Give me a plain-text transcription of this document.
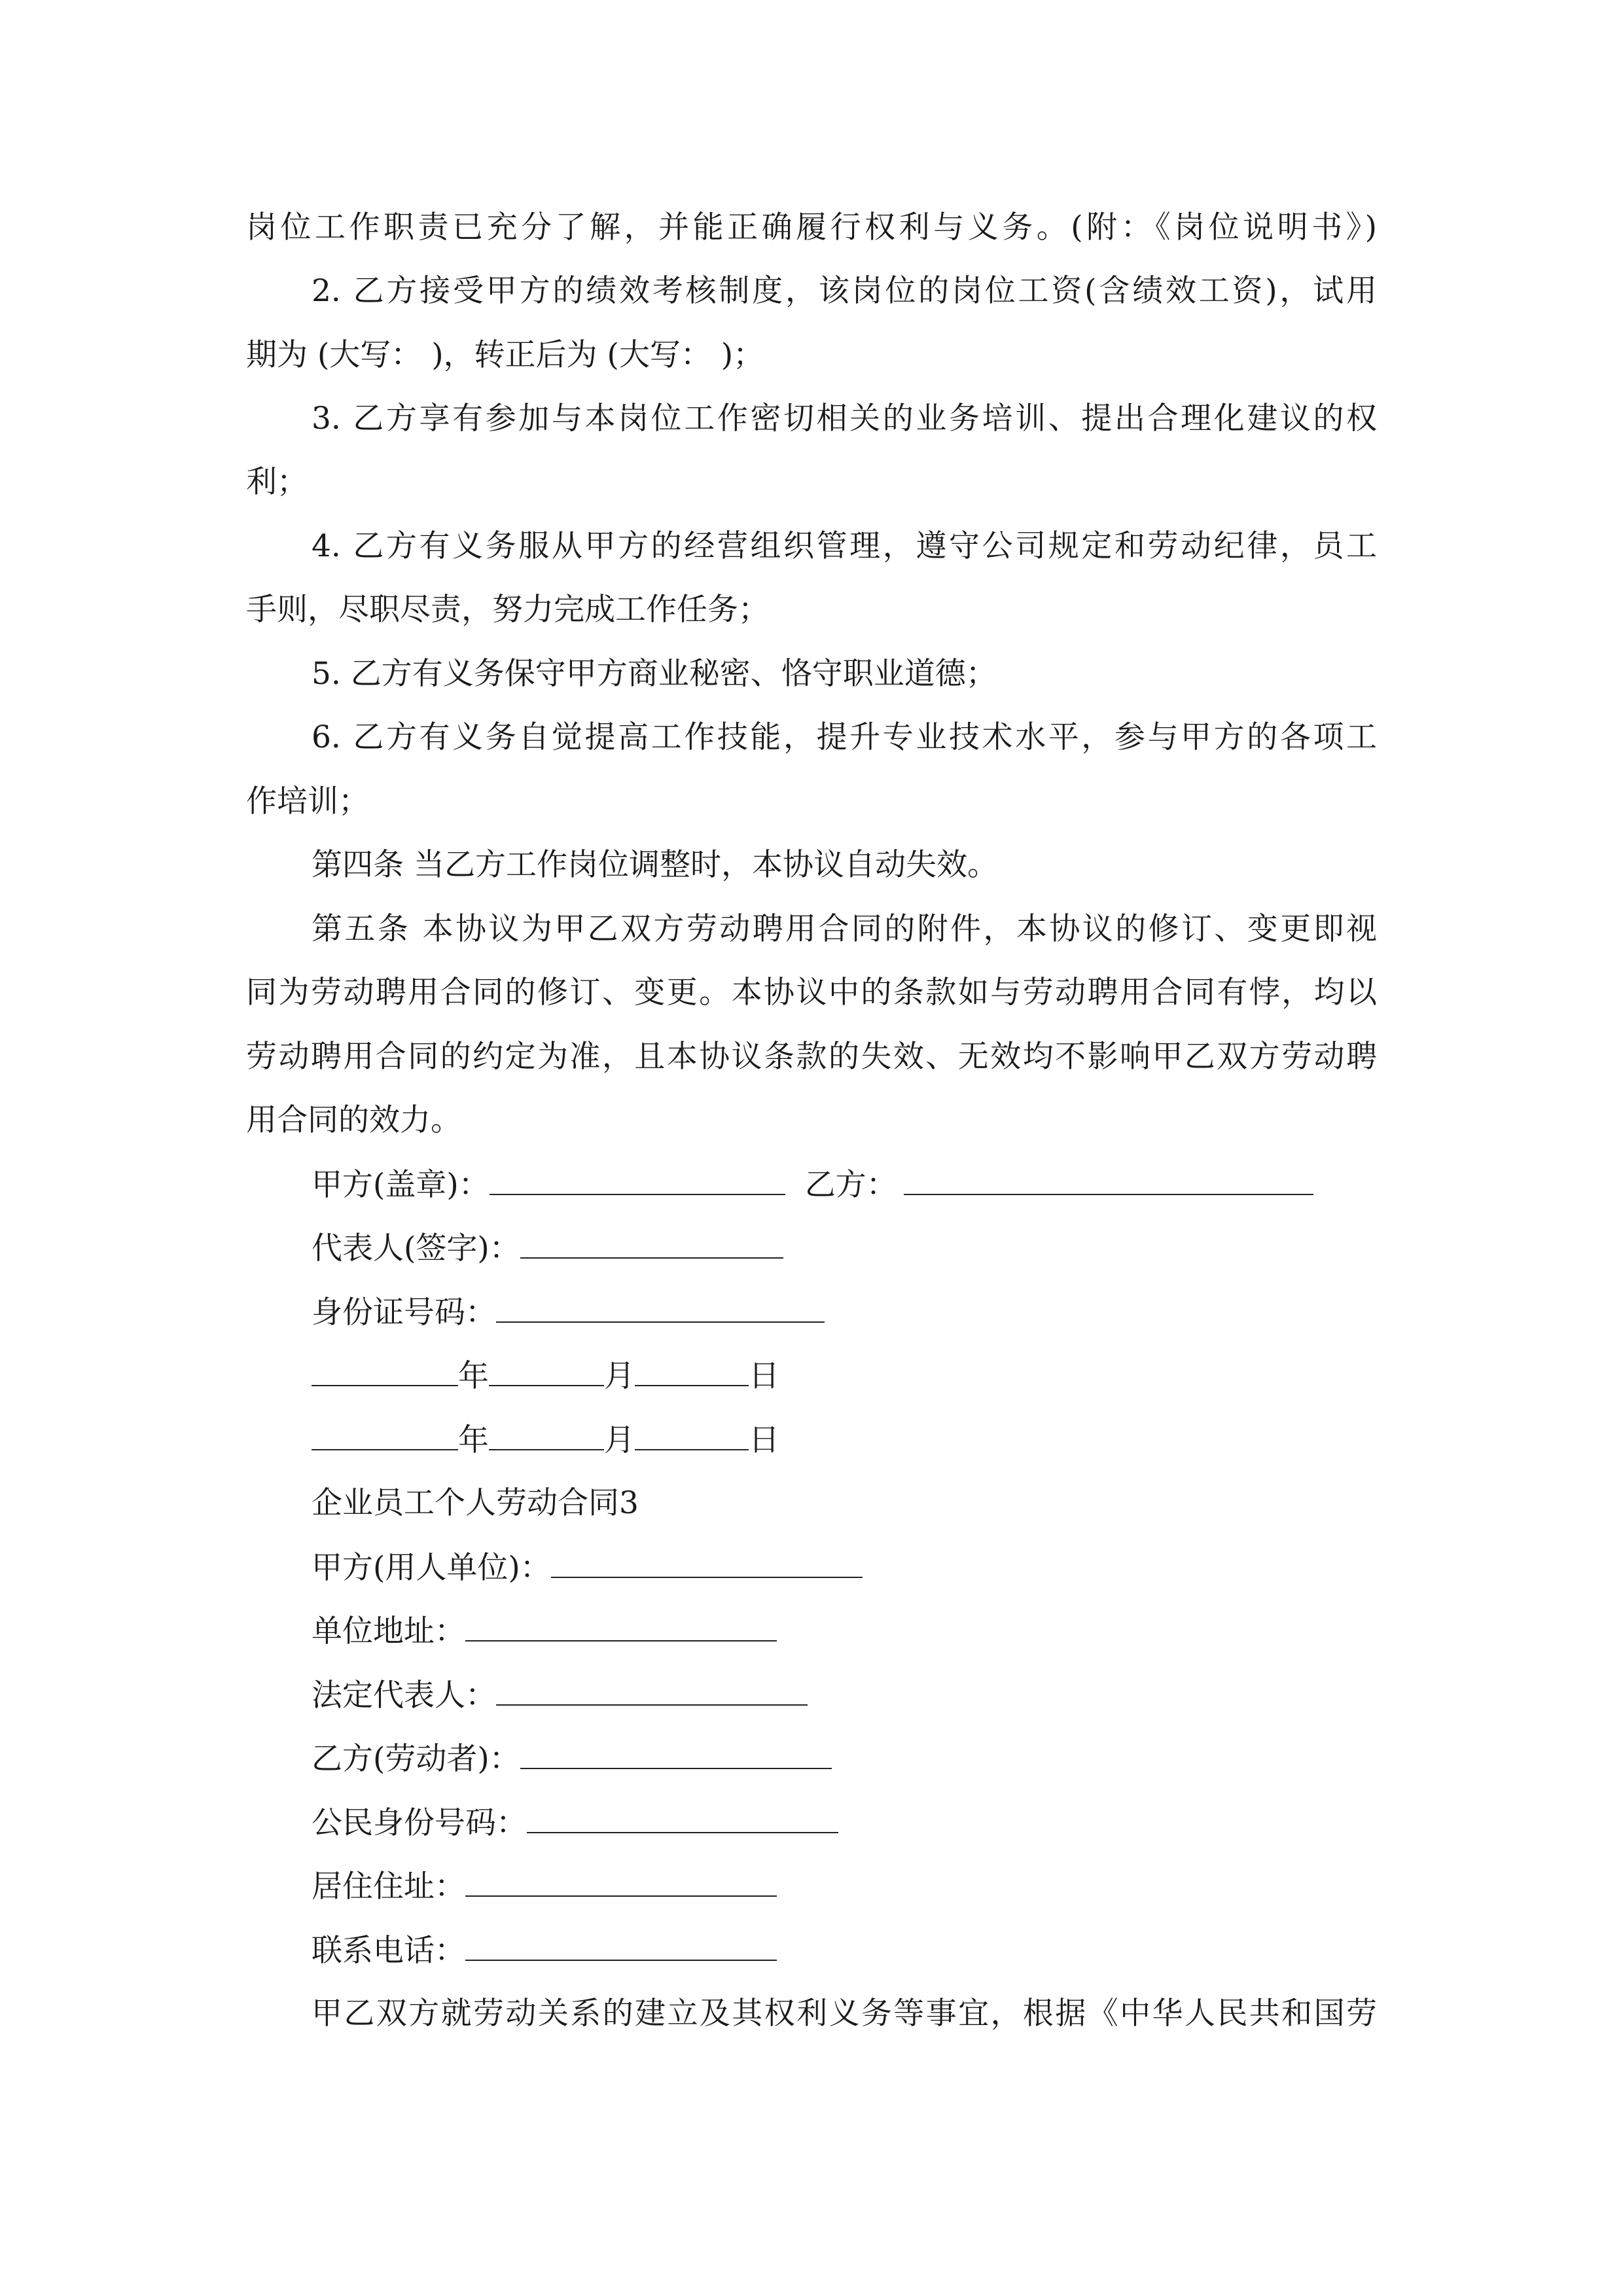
岗位工作职责已充分了解，并能正确履行权利与义务。(附：《岗位说明书》)
2. 乙方接受甲方的绩效考核制度，该岗位的岗位工资(含绩效工资)，试用
期为 (大写： )，转正后为 (大写： )；
3. 乙方享有参加与本岗位工作密切相关的业务培训、提出合理化建议的权
利；
4. 乙方有义务服从甲方的经营组织管理，遵守公司规定和劳动纪律，员工
手则，尽职尽责，努力完成工作任务；
5. 乙方有义务保守甲方商业秘密、恪守职业道德；
6. 乙方有义务自觉提高工作技能，提升专业技术水平，参与甲方的各项工
作培训；
第四条 当乙方工作岗位调整时，本协议自动失效。
第五条 本协议为甲乙双方劳动聘用合同的附件，本协议的修订、变更即视
同为劳动聘用合同的修订、变更。本协议中的条款如与劳动聘用合同有悖，均以
劳动聘用合同的约定为准，且本协议条款的失效、无效均不影响甲乙双方劳动聘
用合同的效力。
甲方(盖章)：	乙方：
代表人(签字)：
身份证号码：
年	月	日
年	月	日
企业员工个人劳动合同3
甲方(用人单位)：
单位地址：
法定代表人：
乙方(劳动者)：
公民身份号码：
居住住址：
联系电话：
甲乙双方就劳动关系的建立及其权利义务等事宜，根据《中华人民共和国劳
